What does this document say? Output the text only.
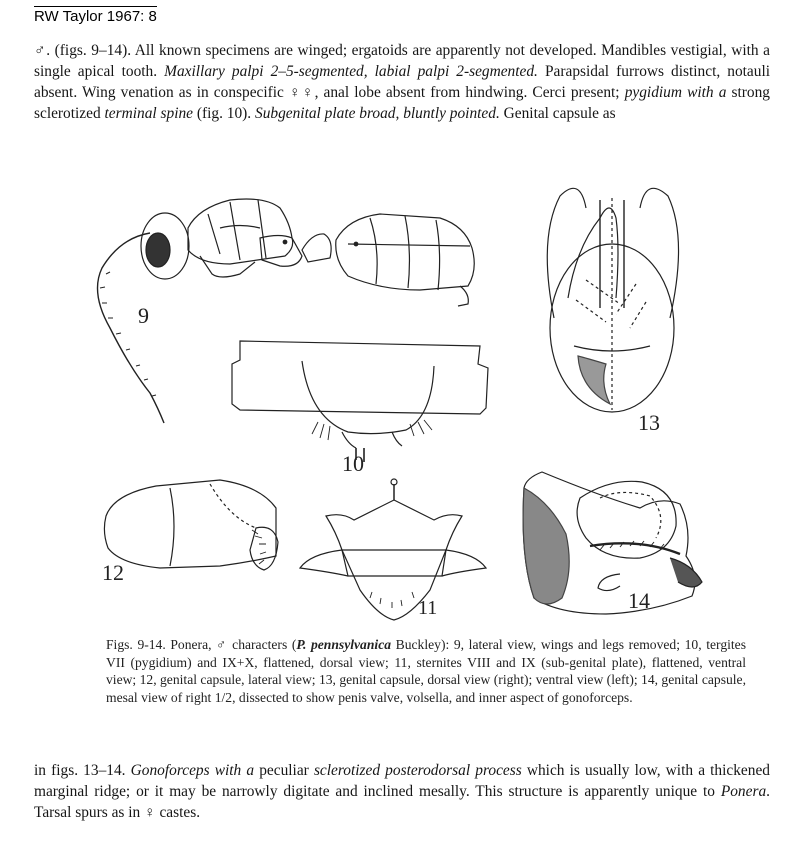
RW Taylor 1967: 8

♂. (figs. 9–14). All known specimens are winged; ergatoids are apparently not developed. Mandibles vestigial, with a single apical tooth. Maxillary palpi 2–5-segmented, labial palpi 2-segmented. Parapsidal furrows distinct, notauli absent. Wing venation as in conspecific ♀♀, anal lobe absent from hindwing. Cerci present; pygidium with a strong sclerotized terminal spine (fig. 10). Subgenital plate broad, bluntly pointed. Genital capsule as

9
10
13
12
11	14

Figs. 9-14. Ponera, ♂ characters (P. pennsylvanica Buckley): 9, lateral view, wings and legs removed; 10, tergites VII (pygidium) and IX+X, flattened, dorsal view; 11, sternites VIII and IX (sub-genital plate), flattened, ventral view; 12, genital capsule, lateral view; 13, genital capsule, dorsal view (right); ventral view (left); 14, genital capsule, mesal view of right 1/2, dissected to show penis valve, volsella, and inner aspect of gonoforceps.

in figs. 13–14. Gonoforceps with a peculiar sclerotized posterodorsal process which is usually low, with a thickened marginal ridge; or it may be narrowly digitate and inclined mesally. This structure is apparently unique to Ponera. Tarsal spurs as in ♀ castes.
